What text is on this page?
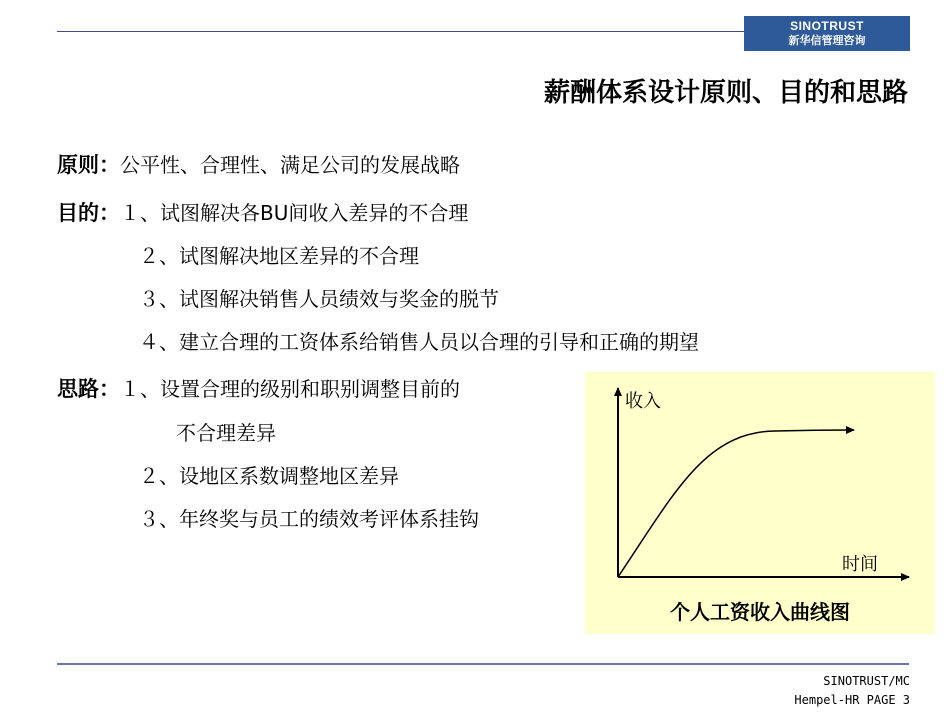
SINOTRUST
新华信管理咨询
薪酬体系设计原则、目的和思路
原则：公平性、合理性、满足公司的发展战略
目的：１、试图解决各BU间收入差异的不合理
２、试图解决地区差异的不合理
３、试图解决销售人员绩效与奖金的脱节
４、建立合理的工资体系给销售人员以合理的引导和正确的期望
思路：１、设置合理的级别和职别调整目前的
不合理差异
２、设地区系数调整地区差异
３、年终奖与员工的绩效考评体系挂钩
收入
时间
个人工资收入曲线图
SINOTRUST/MC
Hempel-HR PAGE 3
